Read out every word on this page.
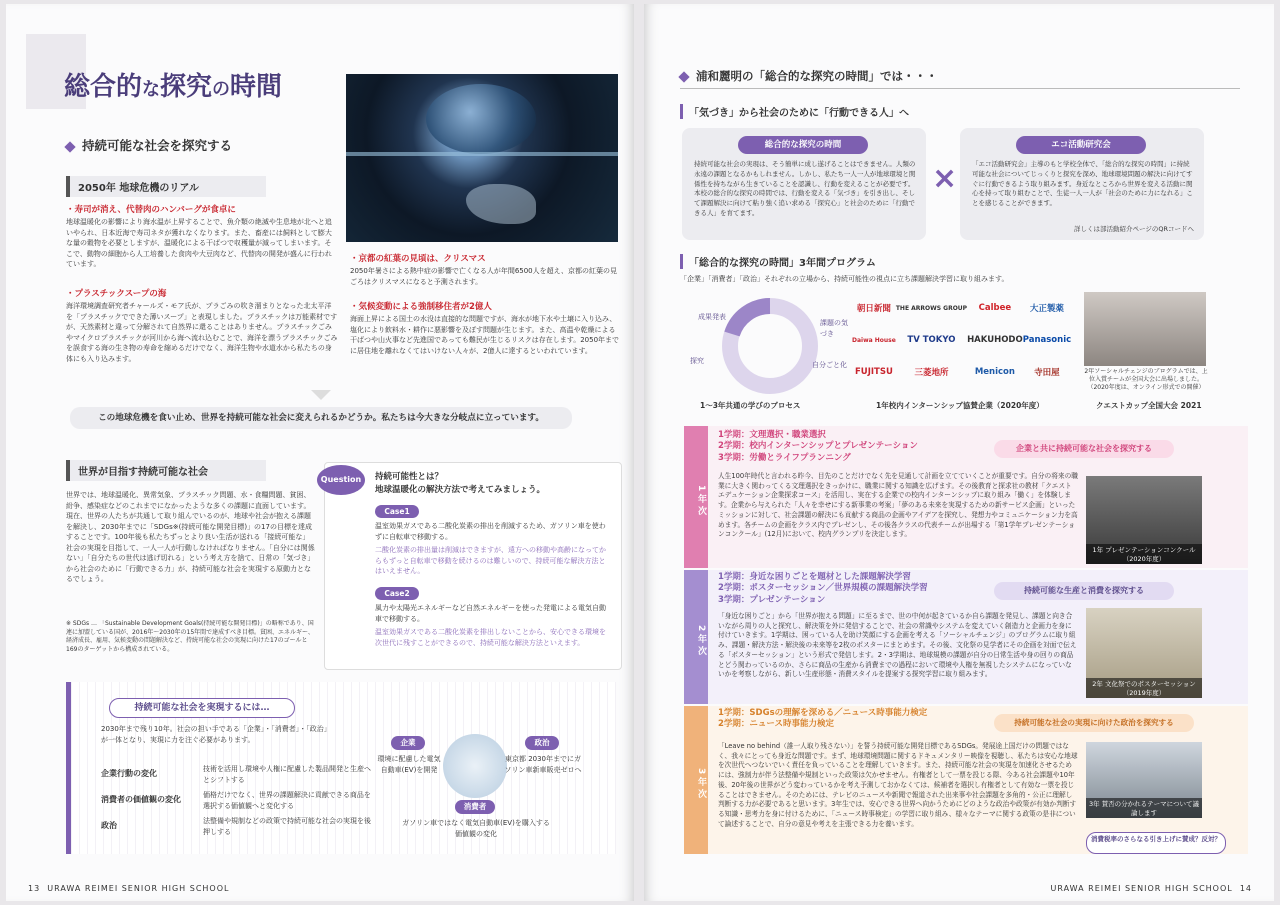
総合的な探究の時間
持続可能な社会を探究する
2050年 地球危機のリアル
・寿司が消え、代替肉のハンバーグが食卓に
地球温暖化の影響により海水温が上昇することで、魚介類の絶滅や生息地が北へと追いやられ、日本近海で寿司ネタが獲れなくなります。また、畜産には飼料として膨大な量の穀物を必要としますが、温暖化による干ばつで収穫量が減ってしまいます。そこで、動物の細胞から人工培養した食肉や大豆肉など、代替肉の開発が盛んに行われています。
・プラスチックスープの海
海洋環境調査研究者チャールズ・モア氏が、プラごみの吹き溜まりとなった北太平洋を「プラスチックでできた薄いスープ」と表現しました。プラスチックは万能素材ですが、天然素材と違って分解されて自然界に還ることはありません。プラスチックごみやマイクロプラスチックが河川から海へ流れ込むことで、海洋を漂うプラスチックごみを誤食する海の生き物の寿命を縮めるだけでなく、海洋生物や水道水から私たちの身体にも入り込みます。
・京都の紅葉の見頃は、クリスマス
2050年暑さによる熱中症の影響で亡くなる人が年間6500人を超え、京都の紅葉の見ごろはクリスマスになると予測されます。
・気候変動による強制移住者が2億人
海面上昇による国土の水没は直接的な問題ですが、海水が地下水や土壌に入り込み、塩化により飲料水・耕作に悪影響を及ぼす問題が生じます。また、高温や乾燥による干ばつや山火事など先進国であっても難民が生じるリスクは存在します。2050年までに居住地を離れなくてはいけない人々が、2億人に達するといわれています。
この地球危機を食い止め、世界を持続可能な社会に変えられるかどうか。私たちは今大きな分岐点に立っています。
世界が目指す持続可能な社会
世界では、地球温暖化、異常気象、プラスチック問題、水・食糧問題、貧困、紛争、感染症などのこれまでになかったような多くの課題に直面しています。現在、世界の人たちが共通して取り組んでいるのが、地球や社会が抱える課題を解決し、2030年までに「SDGs※(持続可能な開発目標)」の17の目標を達成することです。100年後も私たちずっとより良い生活が送れる「接続可能な」社会の実現を目指して、一人一人が行動しなければなりません。「自分には関係ない」「自分たちの世代は逃げ切れる」という考え方を捨て、日常の「気づき」から社会のために「行動できる力」が、持続可能な社会を実現する原動力となるでしょう。
※ SDGs … 「Sustainable Development Goals(持続可能な開発目標)」の略称であり、国連に加盟している国が、2016年～2030年の15年間で達成すべき目標。貧困、エネルギー、経済成長、雇用、気候変動の問題解決など、持続可能な社会の実現に向けた17のゴールと169のターゲットから構成されている。
Question	持続可能性とは？
地球温暖化の解決方法で考えてみましょう。
Case1
温室効果ガスである二酸化炭素の排出を削減するため、ガソリン車を使わずに自転車で移動する。
二酸化炭素の排出量は削減はできますが、遠方への移動や高齢になってからもずっと自転車で移動を続けるのは難しいので、持続可能な解決方法とはいえません。
Case2
風力や太陽光エネルギーなど自然エネルギーを使った発電による電気自動車で移動する。
温室効果ガスである二酸化炭素を排出しないことから、安心できる環境を次世代に残すことができるので、持続可能な解決方法といえます。
持続可能な社会を実現するには…
2030年まで残り10年。社会の担い手である「企業」・「消費者」・「政治」が一体となり、実現に力を注ぐ必要があります。
企業行動の変化	技術を活用し環境や人権に配慮した製品開発と生産へとシフトする
消費者の価値観の変化	価格だけでなく、世界の課題解決に貢献できる商品を選択する価値観へと変化する
政治	法整備や規制などの政策で持続可能な社会の実現を後押しする
企業
環境に配慮した電気自動車(EV)を開発
政治
東京都 2030年までにガソリン車新車販売ゼロへ
消費者
ガソリン車ではなく電気自動車(EV)を購入する価値観の変化
13 URAWA REIMEI SENIOR HIGH SCHOOL
浦和麗明の「総合的な探究の時間」では・・・
「気づき」から社会のために「行動できる人」へ
総合的な探究の時間
持続可能な社会の実現は、そう簡単に成し遂げることはできません。人類の永遠の課題となるかもしれません。しかし、私たち一人一人が地球環境と関係性を持ちながら生きていることを認識し、行動を変えることが必要です。本校の総合的な探究の時間では、行動を変える「気づき」を引き出し、そして課題解決に向けて粘り強く追い求める「探究心」と社会のために「行動できる人」を育てます。
×
エコ活動研究会
「エコ活動研究会」主導のもと学校全体で、「総合的な探究の時間」に持続可能な社会についてじっくりと探究を深め、地球環境問題の解決に向けてすぐに行動できるよう取り組みます。身近なところから世界を変える活動に関心を持って取り組むことで、生徒一人一人が「社会のために力になれる」ことを感じることができます。
詳しくは部活動紹介ページのQRコードへ
「総合的な探究の時間」3年間プログラム
「企業」「消費者」「政治」それぞれの立場から、持続可能性の視点に立ち課題解決学習に取り組みます。
成果発表
課題の気づき
探究	自分ごと化
1～3年共通の学びのプロセス
朝日新聞 THE ARROWS GROUP	Calbee	大正製薬
Daiwa House	TV TOKYO	HAKUHODO Panasonic
FUJITSU	三菱地所	Menicon	寺田屋
1年校内インターンシップ協賛企業（2020年度）
2年ソーシャルチェンジのプログラムでは、上位入賞チームが全国大会に出場しました。（2020年度は、オンライン形式での開催）
クエストカップ全国大会 2021
1年次
1学期：文理選択・職業選択
2学期：校内インターンシップとプレゼンテーション
3学期：労働とライフプランニング
企業と共に持続可能な社会を探究する
人生100年時代と言われる昨今、目先のことだけでなく先を見通して計画を立てていくことが重要です。自分の将来の職業に大きく関わってくる文理選択をきっかけに、職業に関する知識を広げます。その後教育と探求社の教材「クエストエデュケーション企業探求コース」を活用し、実在する企業での校内インターンシップに取り組み「働く」を体験します。企業から与えられた「人々を幸せにする新事業の考案」「夢のある未来を実現するための新サービス企画」といったミッションに対して、社会課題の解決にも貢献する商品の企画やアイデアを探究し、発想力やコミュニケーション力を高めます。各チームの企画をクラス内でプレゼンし、その後各クラスの代表チームが出場する「第1学年プレゼンテーションコンクール」(12月)において、校内グランプリを決定します。
1年 プレゼンテーションコンクール（2020年度）
2年次
1学期：身近な困りごとを題材とした課題解決学習
2学期：ポスターセッション／世界規模の課題解決学習
3学期：プレゼンテーション
持続可能な生産と消費を探究する
「身近な困りごと」から「世界が抱える問題」に至るまで、世の中何が起きているか自ら課題を発見し、課題と向き合いながら周りの人と探究し、解決策を外に発信することで、社会の常識やシステムを変えていく創造力と企画力を身に付けていきます。1学期は、困っている人を助け笑顔にする企画を考える「ソーシャルチェンジ」のプログラムに取り組み、課題・解決方法・解決後の未来等を2枚のポスターにまとめます。その後、文化祭の見学者にその企画を対面で伝える「ポスターセッション」という形式で発信します。2・3学期は、地球規模の課題が自分の日常生活や身の回りの商品とどう関わっているのか、さらに商品の生産から消費までの過程において環境や人権を無視したシステムになっていないかを考察しながら、新しい生産形態・消費スタイルを提案する探究学習に取り組みます。
2年 文化祭でのポスターセッション（2019年度）
3年次
1学期：SDGsの理解を深める／ニュース時事能力検定
2学期：ニュース時事能力検定	持続可能な社会の実現に向けた政治を探究する
「Leave no behind（誰一人取り残さない）」を誓う持続可能な開発目標であるSDGs。発展途上国だけの問題ではなく、我々にとっても身近な問題です。まず、地球環境問題に関するドキュメンタリー映像を視聴し、私たちは安心な地球を次世代へつないでいく責任を負っていることを理解していきます。また、持続可能な社会の実現を加速化させるためには、強制力が伴う法整備や規制といった政策は欠かせません。有権者として一票を投じる際、今ある社会課題や10年後、20年後の世界がどう変わっているかを考え予測しておかなくては、候補者を選択し有権者として有効な一票を投じることはできません。そのためには、テレビのニュースや新聞で報道された出来事や社会課題を多角的・公正に理解し判断する力が必要であると思います。3年生では、安心できる世界へ向かうためにどのような政治や政策が有効か判断する知識・思考力を身に付けるために、「ニュース時事検定」の学習に取り組み、様々なテーマに関する政策の是非について論述することで、自分の意見や考えを主張できる力を養います。
3年 賛否の分かれるテーマについて議論します
消費税率のさらなる引き上げに賛成？反対？
URAWA REIMEI SENIOR HIGH SCHOOL 14
